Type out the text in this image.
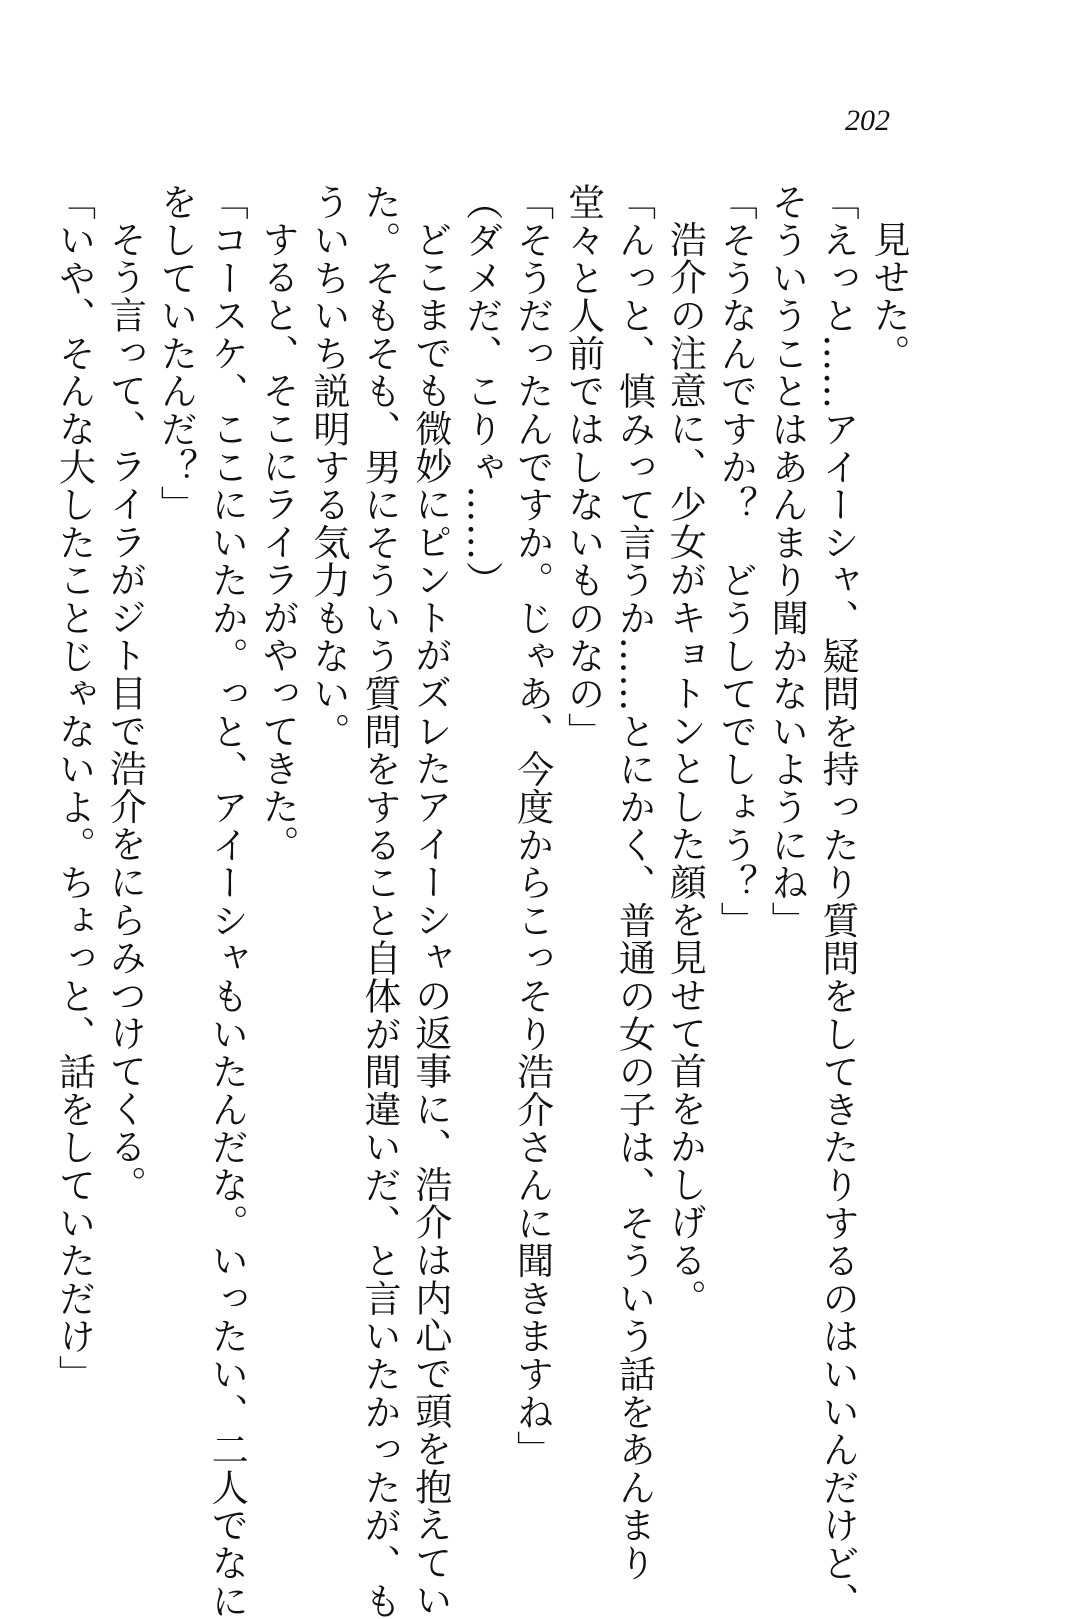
202
見せた。
「えっと……アイーシャ、疑問を持ったり質問をしてきたりするのはいいんだけど、
そういうことはあんまり聞かないようにね」
「そうなんですか？　どうしてでしょう？」
浩介の注意に、少女がキョトンとした顔を見せて首をかしげる。
「んっと、慎みって言うか……とにかく、普通の女の子は、そういう話をあんまり
堂々と人前ではしないものなの」
「そうだったんですか。じゃあ、今度からこっそり浩介さんに聞きますね」
（ダメだ、こりゃ……）
どこまでも微妙にピントがズレたアイーシャの返事に、浩介は内心で頭を抱えてい
た。そもそも、男にそういう質問をすること自体が間違いだ、と言いたかったが、も
ういちいち説明する気力もない。
すると、そこにライラがやってきた。
「コースケ、ここにいたか。っと、アイーシャもいたんだな。いったい、二人でなに
をしていたんだ？」
そう言って、ライラがジト目で浩介をにらみつけてくる。
「いや、そんな大したことじゃないよ。ちょっと、話をしていただけ」
